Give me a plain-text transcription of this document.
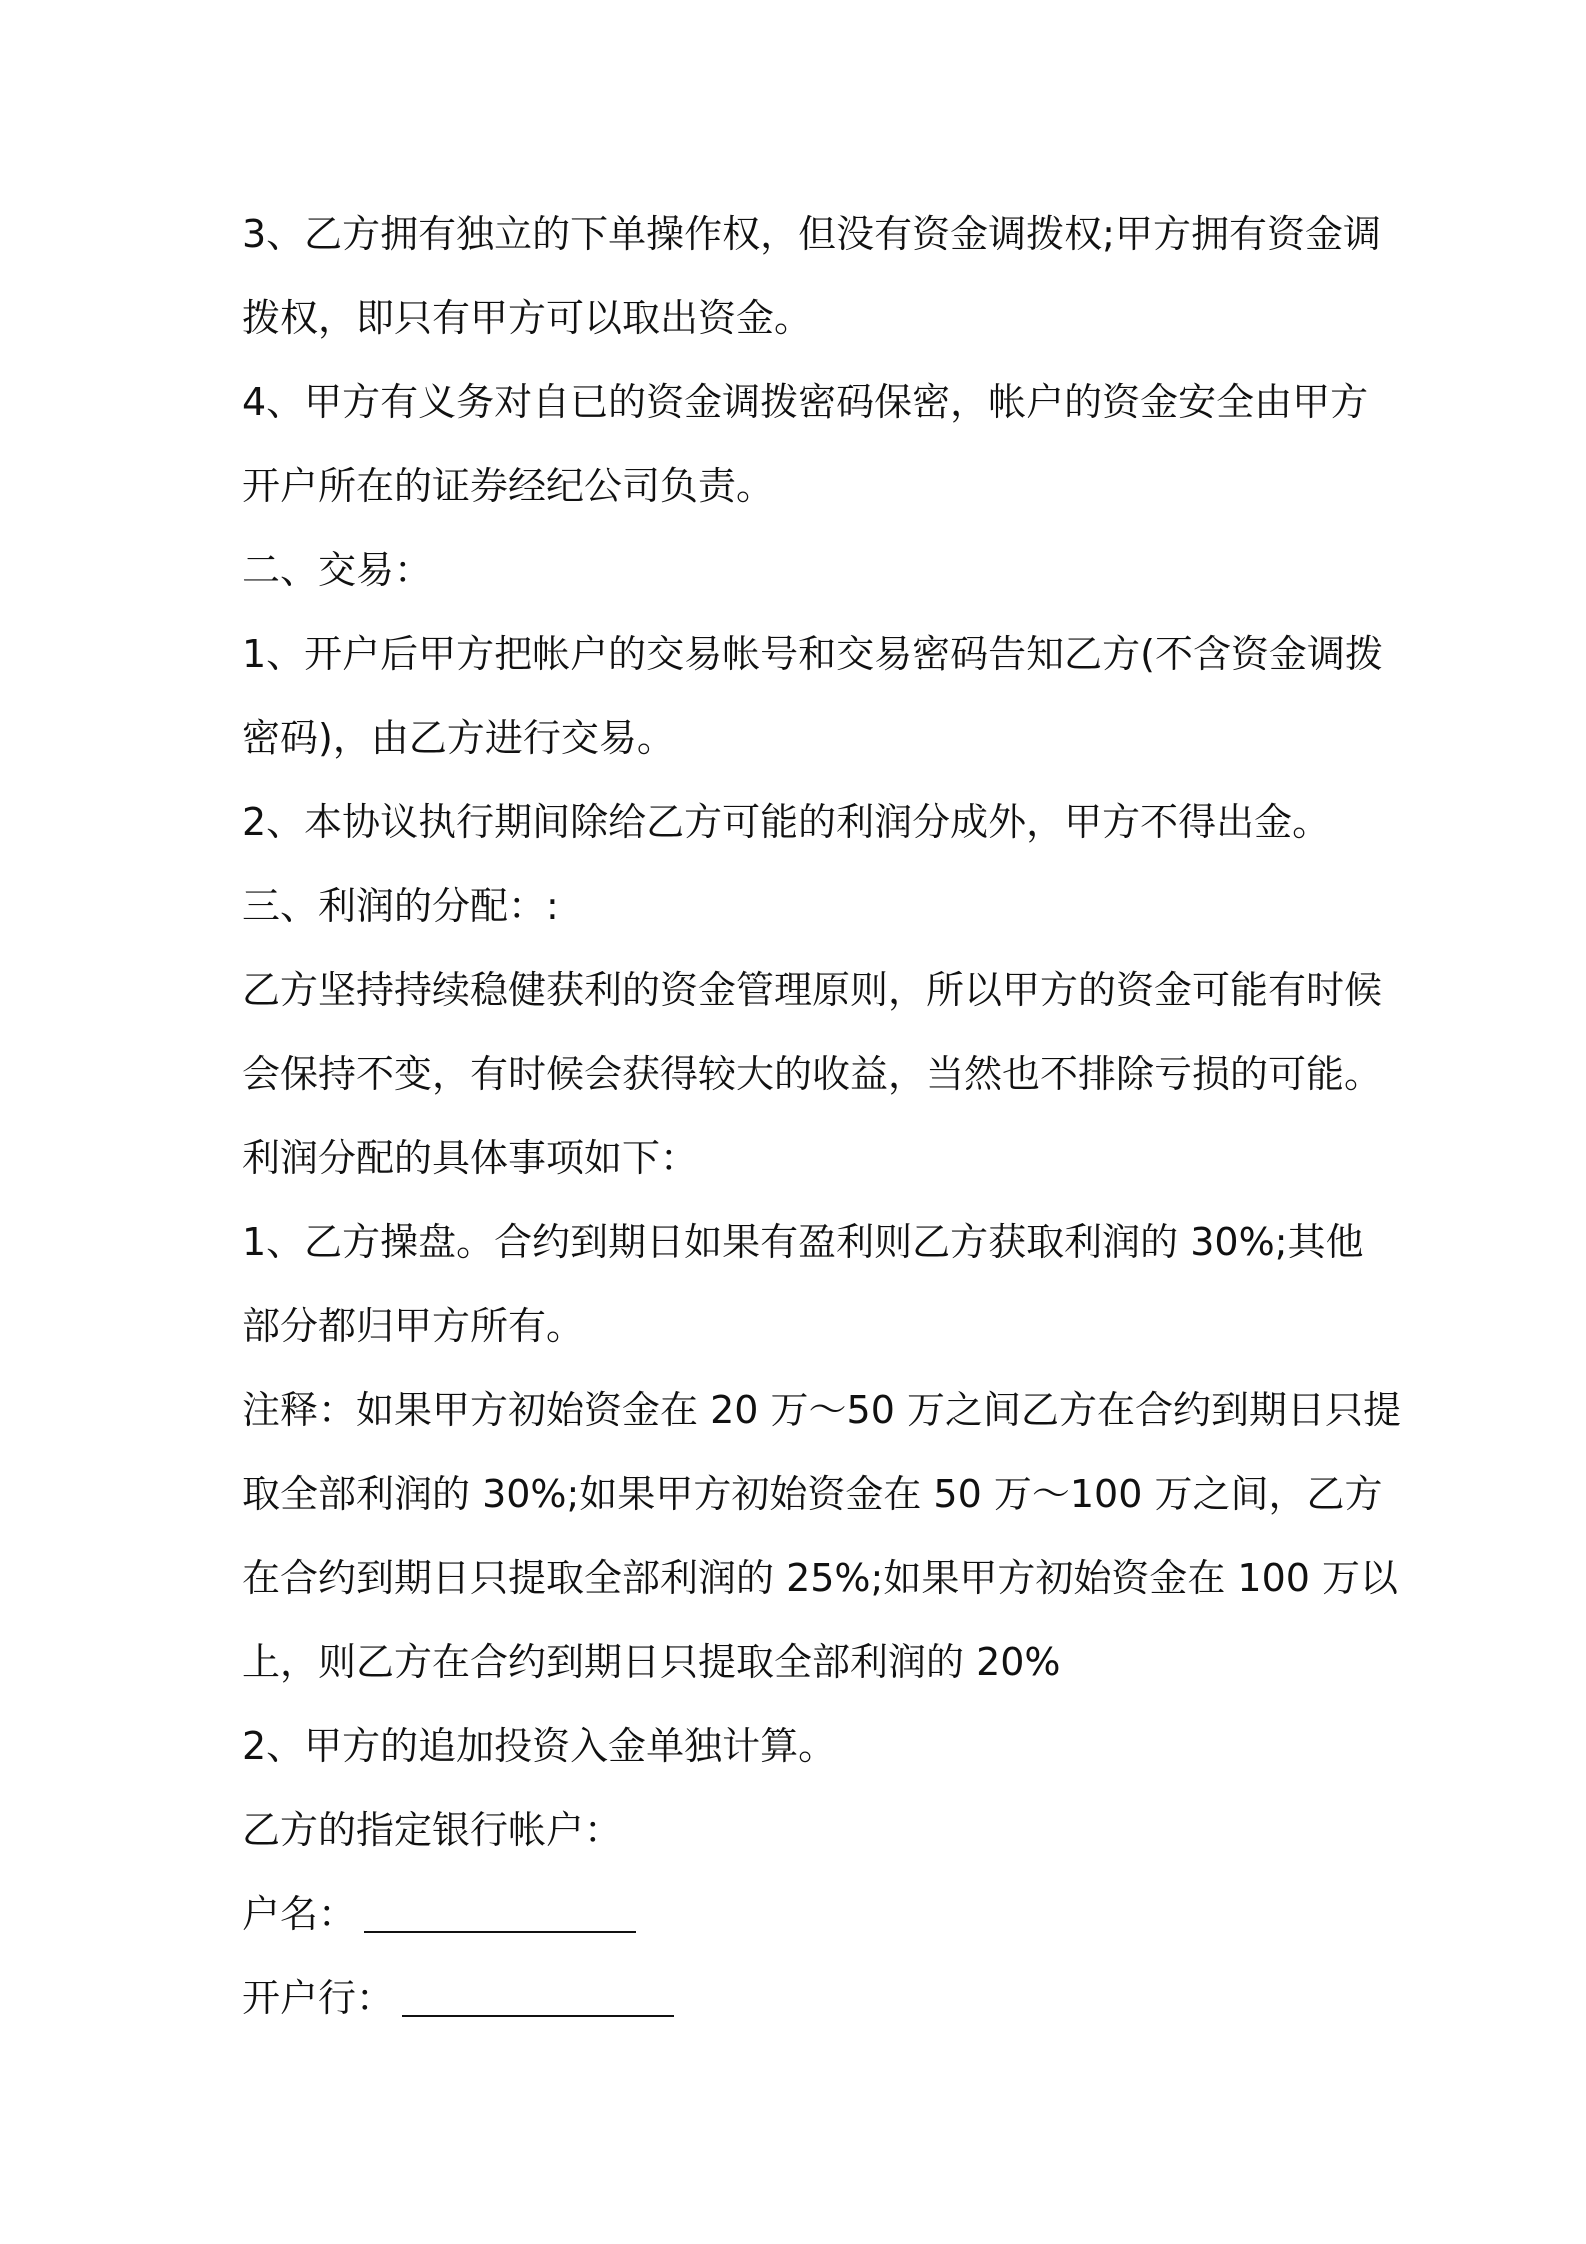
3、乙方拥有独立的下单操作权，但没有资金调拨权;甲方拥有资金调
拨权，即只有甲方可以取出资金。
4、甲方有义务对自已的资金调拨密码保密，帐户的资金安全由甲方
开户所在的证券经纪公司负责。
二、交易：
1、开户后甲方把帐户的交易帐号和交易密码告知乙方(不含资金调拨
密码)，由乙方进行交易。
2、本协议执行期间除给乙方可能的利润分成外，甲方不得出金。
三、利润的分配：:
乙方坚持持续稳健获利的资金管理原则，所以甲方的资金可能有时候
会保持不变，有时候会获得较大的收益，当然也不排除亏损的可能。
利润分配的具体事项如下：
1、乙方操盘。合约到期日如果有盈利则乙方获取利润的 30%;其他
部分都归甲方所有。
注释：如果甲方初始资金在 20 万～50 万之间乙方在合约到期日只提
取全部利润的 30%;如果甲方初始资金在 50 万～100 万之间，乙方
在合约到期日只提取全部利润的 25%;如果甲方初始资金在 100 万以
上，则乙方在合约到期日只提取全部利润的 20%
2、甲方的追加投资入金单独计算。
乙方的指定银行帐户：
户名：
开户行：
